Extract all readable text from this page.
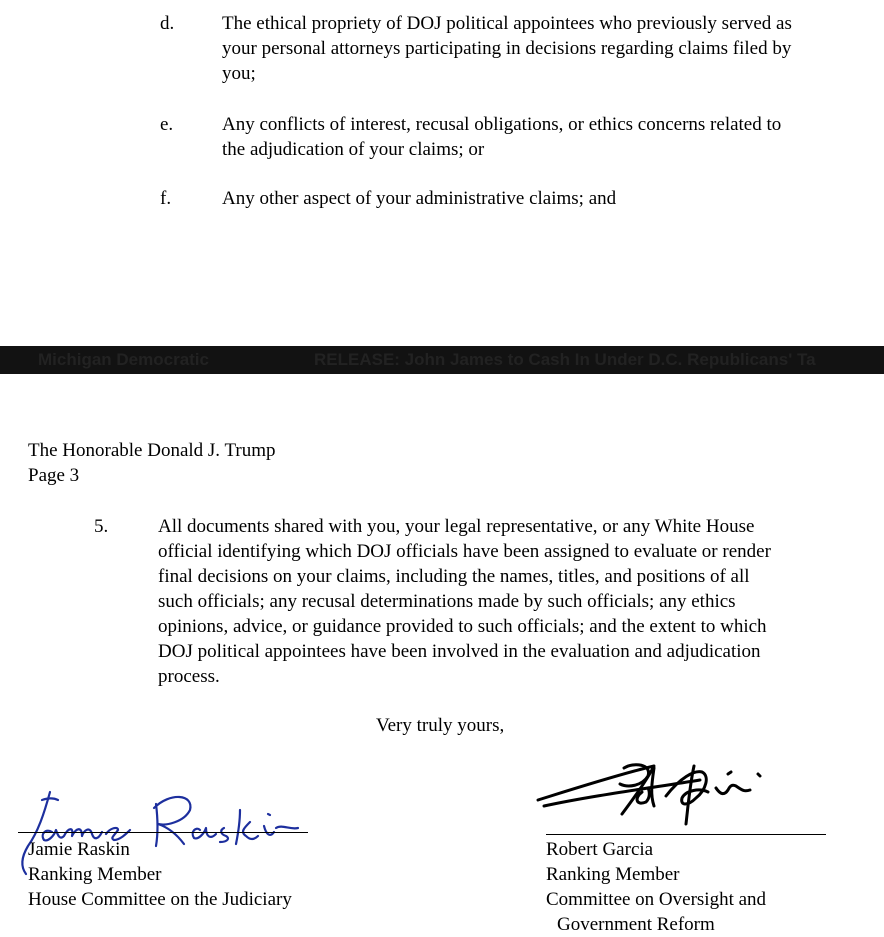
d.	The ethical propriety of DOJ political appointees who previously served as
your personal attorneys participating in decisions regarding claims filed by
you;
e.	Any conflicts of interest, recusal obligations, or ethics concerns related to
the adjudication of your claims; or
f.	Any other aspect of your administrative claims; and
Michigan Democratic	RELEASE: John James to Cash In Under D.C. Republicans' Ta
The Honorable Donald J. Trump
Page 3
5.	All documents shared with you, your legal representative, or any White House
official identifying which DOJ officials have been assigned to evaluate or render
final decisions on your claims, including the names, titles, and positions of all
such officials; any recusal determinations made by such officials; any ethics
opinions, advice, or guidance provided to such officials; and the extent to which
DOJ political appointees have been involved in the evaluation and adjudication
process.
Very truly yours,
Jamie Raskin
Ranking Member
House Committee on the Judiciary
Robert Garcia
Ranking Member
Committee on Oversight and
Government Reform
